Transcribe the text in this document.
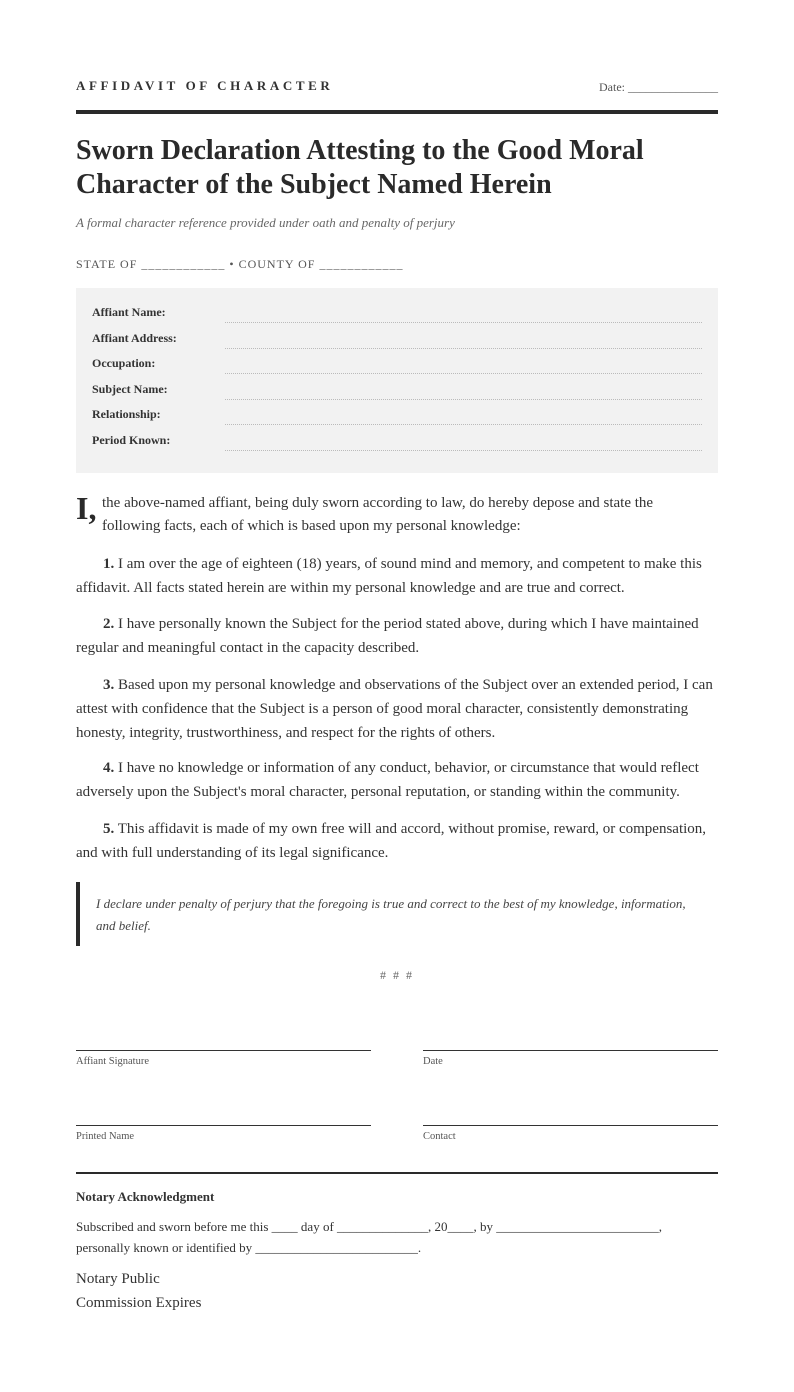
AFFIDAVIT OF CHARACTER	Date: _______________
Sworn Declaration Attesting to the Good Moral Character of the Subject Named Herein
A formal character reference provided under oath and penalty of perjury
STATE OF ____________ • COUNTY OF ____________
Affiant Name:
Affiant Address:
Occupation:
Subject Name:
Relationship:
Period Known:
I, the above-named affiant, being duly sworn according to law, do hereby depose and state the following facts, each of which is based upon my personal knowledge:

1. I am over the age of eighteen (18) years, of sound mind and memory, and competent to make this affidavit. All facts stated herein are within my personal knowledge and are true and correct.

2. I have personally known the Subject for the period stated above, during which I have maintained regular and meaningful contact in the capacity described.

3. Based upon my personal knowledge and observations of the Subject over an extended period, I can attest with confidence that the Subject is a person of good moral character, consistently demonstrating honesty, integrity, trustworthiness, and respect for the rights of others.

4. I have no knowledge or information of any conduct, behavior, or circumstance that would reflect adversely upon the Subject's moral character, personal reputation, or standing within the community.

5. This affidavit is made of my own free will and accord, without promise, reward, or compensation, and with full understanding of its legal significance.

I declare under penalty of perjury that the foregoing is true and correct to the best of my knowledge, information, and belief.
# # #
Affiant Signature	Date
Printed Name	Contact
Notary Acknowledgment
Subscribed and sworn before me this ____ day of ______________, 20____, by _________________________, personally known or identified by _________________________.
Notary Public
Commission Expires
